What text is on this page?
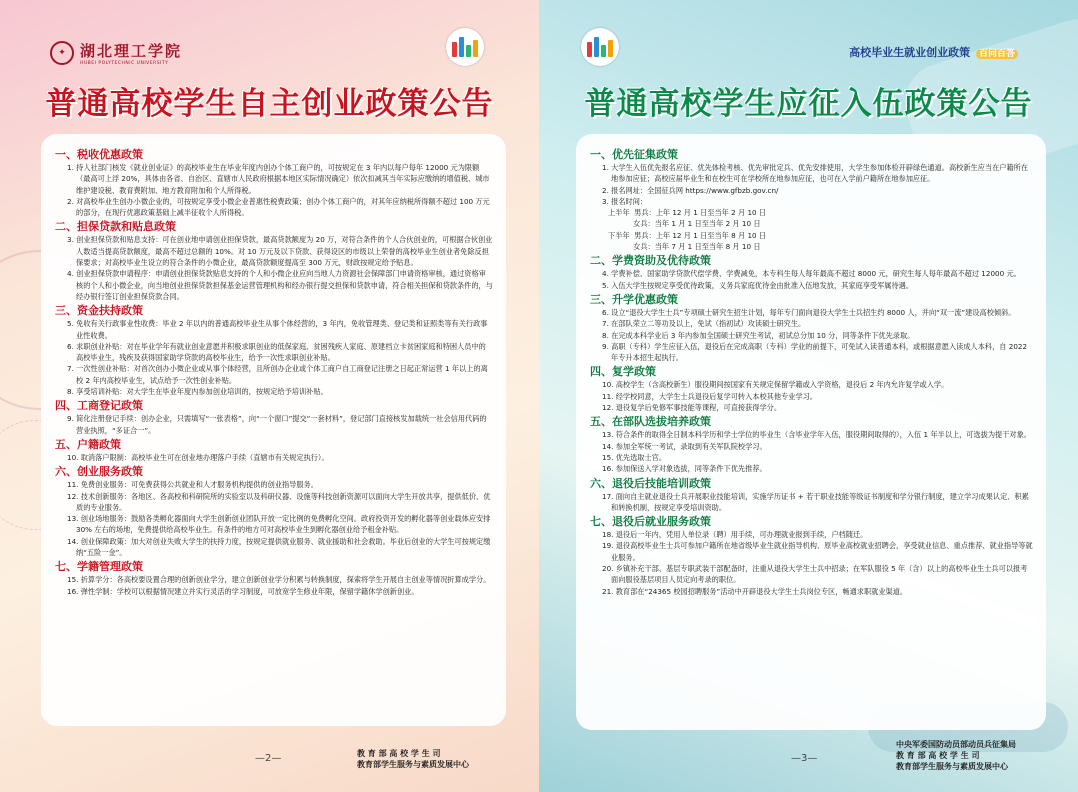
✦ 湖北理工学院
HUBEI POLYTECHNIC UNIVERSITY
普通高校学生自主创业政策公告
一、税收优惠政策
1. 持人社部门核发《就业创业证》的高校毕业生在毕业年度内创办个体工商户的，可按规定在 3 年内以每户每年 12000 元为限额（最高可上浮 20%，具体由各省、自治区、直辖市人民政府根据本地区实际情况确定）依次扣减其当年实际应缴纳的增值税、城市维护建设税、教育费附加、地方教育附加和个人所得税。
2. 对高校毕业生创办小微企业的，可按规定享受小微企业普惠性税费政策；创办个体工商户的，对其年应纳税所得额不超过 100 万元的部分，在现行优惠政策基础上减半征收个人所得税。
二、担保贷款和贴息政策
3. 创业担保贷款和贴息支持：可在创业地申请创业担保贷款，最高贷款额度为 20 万，对符合条件的个人合伙创业的，可根据合伙创业人数适当提高贷款额度，最高不超过总额的 10%。对 10 万元及以下贷款、获得设区的市级以上荣誉的高校毕业生创业者免除反担保要求；对高校毕业生设立的符合条件的小微企业，最高贷款额度提高至 300 万元，财政按规定给予贴息。
4. 创业担保贷款申请程序：申请创业担保贷款贴息支持的个人和小微企业应向当地人力资源社会保障部门申请资格审核，通过资格审核的个人和小微企业，向当地创业担保贷款担保基金运营管理机构和经办银行提交担保和贷款申请，符合相关担保和贷款条件的，与经办银行签订创业担保贷款合同。
三、资金扶持政策
5. 免收有关行政事业性收费：毕业 2 年以内的普通高校毕业生从事个体经营的，3 年内，免收管理类、登记类和证照类等有关行政事业性收费。
6. 求职创业补贴：对在毕业学年有就业创业意愿并积极求职创业的低保家庭、贫困残疾人家庭、原建档立卡贫困家庭和特困人员中的高校毕业生，残疾及获得国家助学贷款的高校毕业生，给予一次性求职创业补贴。
7. 一次性创业补贴：对首次创办小微企业或从事个体经营，且所创办企业或个体工商户自工商登记注册之日起正常运营 1 年以上的离校 2 年内高校毕业生，试点给予一次性创业补贴。
8. 享受培训补贴：对大学生在毕业年度内参加创业培训的，按规定给予培训补贴。
四、工商登记政策
9. 简化注册登记手续：创办企业，只需填写“一张表格”，向“一个窗口”提交“一套材料”，登记部门直接核发加载统一社会信用代码的营业执照，“多证合一”。
五、户籍政策
10. 取消落户限制：高校毕业生可在创业地办理落户手续（直辖市有关规定执行）。
六、创业服务政策
11. 免费创业服务：可免费获得公共就业和人才服务机构提供的创业指导服务。
12. 技术创新服务：各地区、各高校和科研院所的实验室以及科研仪器、设施等科技创新资源可以面向大学生开放共享，提供低价、优质的专业服务。
13. 创业场地服务：鼓励各类孵化器面向大学生创新创业团队开放一定比例的免费孵化空间。政府投资开发的孵化器等创业载体应安排 30% 左右的场地，免费提供给高校毕业生。有条件的地方可对高校毕业生到孵化器创业给予租金补贴。
14. 创业保障政策：加大对创业失败大学生的扶持力度，按规定提供就业服务、就业援助和社会救助。毕业后创业的大学生可按规定缴纳“五险一金”。
七、学籍管理政策
15. 折算学分：各高校要设置合理的创新创业学分，建立创新创业学分积累与转换制度，探索将学生开展自主创业等情况折算成学分。
16. 弹性学制：学校可以根据情况建立并实行灵活的学习制度，可放宽学生修业年限，保留学籍休学创新创业。
—2—	教 育 部 高 校 学 生 司
教育部学生服务与素质发展中心
高校毕业生就业创业政策 百问百答
普通高校学生应征入伍政策公告
一、优先征集政策
1. 大学生入伍优先报名应征、优先体检考核、优先审批定兵、优先安排使用，大学生参加体检开辟绿色通道。高校新生应当在户籍所在地参加应征；高校应届毕业生和在校生可在学校所在地参加应征，也可在入学前户籍所在地参加应征。
2. 报名网址：全国征兵网 https://www.gfbzb.gov.cn/
3. 报名时间：
上半年  男兵：上年 12 月 1 日至当年 2 月 10 日
女兵：当年 1 月 1 日至当年 2 月 10 日
下半年  男兵：上年 12 月 1 日至当年 8 月 10 日
女兵：当年 7 月 1 日至当年 8 月 10 日
二、学费资助及优待政策
4. 学费补偿、国家助学贷款代偿学费、学费减免，本专科生每人每年最高不超过 8000 元，研究生每人每年最高不超过 12000 元。
5. 入伍大学生按规定享受优待政策，义务兵家庭优待金由批准入伍地发放，其家庭享受军属待遇。
三、升学优惠政策
6. 设立“退役大学生士兵”专项硕士研究生招生计划，每年专门面向退役大学生士兵招生约 8000 人，并向“双一流”建设高校倾斜。
7. 在部队荣立二等功及以上，免试（指初试）攻读硕士研究生。
8. 在完成本科学业后 3 年内参加全国硕士研究生考试，初试总分加 10 分，同等条件下优先录取。
9. 高职（专科）学生应征入伍，退役后在完成高职（专科）学业的前提下，可免试入读普通本科，或根据意愿入读成人本科，自 2022 年专升本招生起执行。
四、复学政策
10. 高校学生（含高校新生）服役期间按国家有关规定保留学籍或入学资格，退役后 2 年内允许复学或入学。
11. 经学校同意，大学生士兵退役后复学可转入本校其他专业学习。
12. 退役复学后免修军事技能等课程，可直接获得学分。
五、在部队选拔培养政策
13. 符合条件的取得全日制本科学历和学士学位的毕业生（含毕业学年入伍，服役期间取得的），入伍 1 年半以上，可选拔为提干对象。
14. 参加全军统一考试，录取到有关军队院校学习。
15. 优先选取士官。
16. 参加保送入学对象选拔，同等条件下优先推荐。
六、退役后技能培训政策
17. 面向自主就业退役士兵开展职业技能培训，实施学历证书 + 若干职业技能等级证书制度和学分银行制度，建立学习成果认定、积累和转换机制，按规定享受培训资助。
七、退役后就业服务政策
18. 退役后一年内，凭用人单位录（聘）用手续，可办理就业报到手续，户档随迁。
19. 退役高校毕业生士兵可参加户籍所在地省级毕业生就业指导机构、原毕业高校就业招聘会，享受就业信息、重点推荐、就业指导等就业服务。
20. 乡镇补充干部、基层专职武装干部配备时，注重从退役大学生士兵中招录；在军队服役 5 年（含）以上的高校毕业生士兵可以报考面向服役基层项目人员定向考录的职位。
21. 教育部在“24365 校园招聘服务”活动中开辟退役大学生士兵岗位专区，畅通求职就业渠道。
—3—
中央军委国防动员部动员兵征集局
教 育 部 高 校 学 生 司
教育部学生服务与素质发展中心
